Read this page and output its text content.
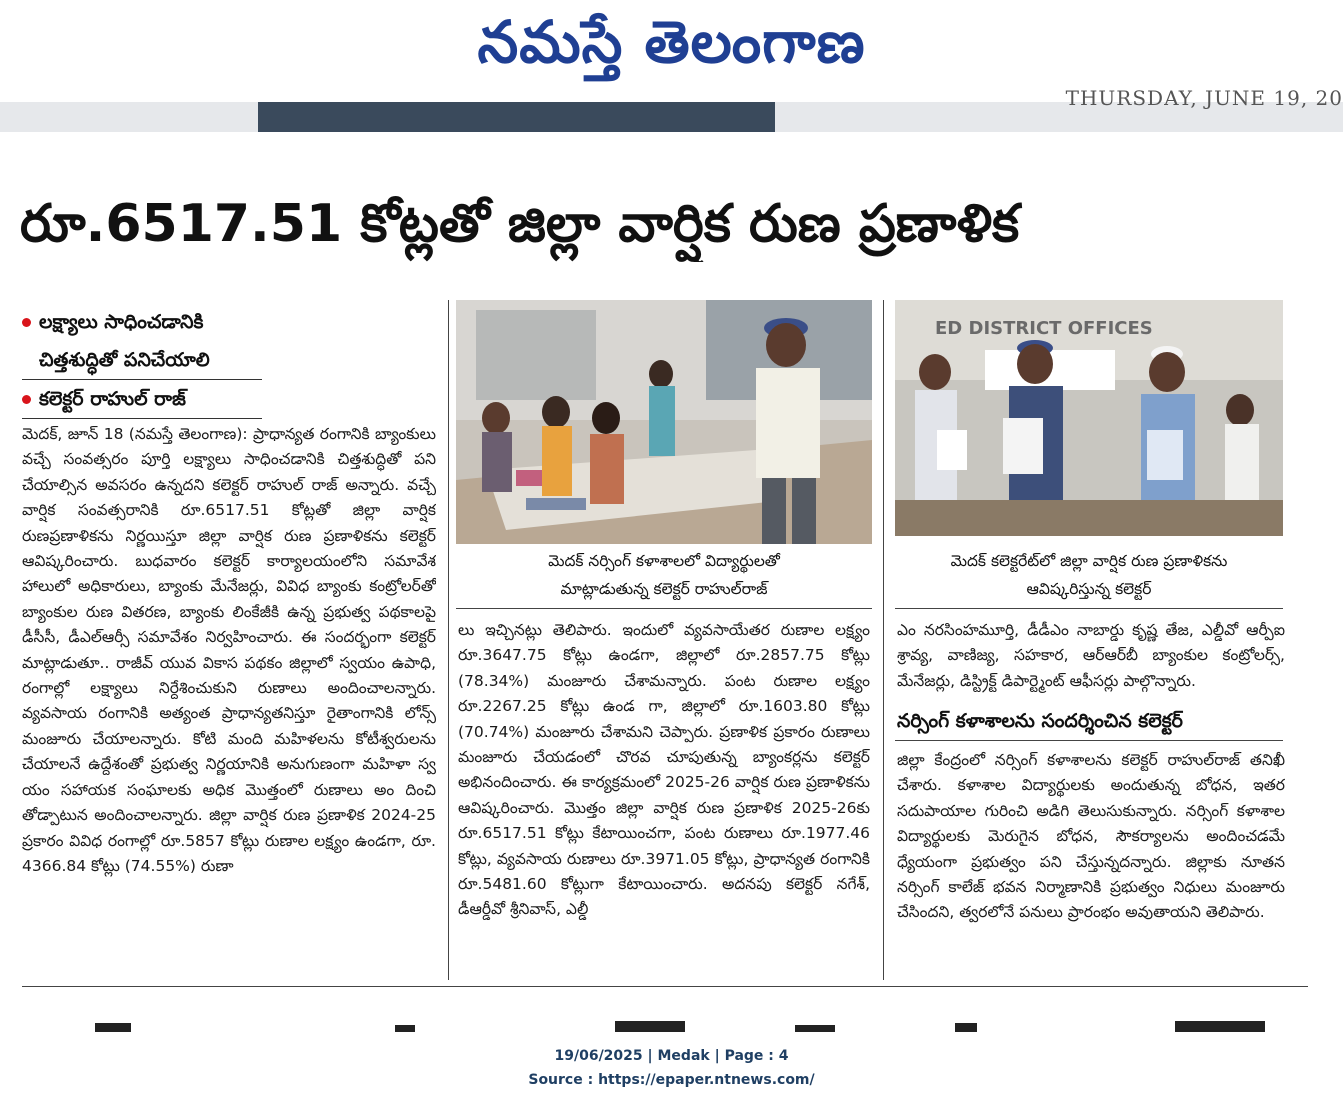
నమస్తే తెలంగాణ
THURSDAY, JUNE 19, 20
రూ.6517.51 కోట్లతో జిల్లా వార్షిక రుణ ప్రణాళిక
లక్ష్యాలు సాధించడానికి
చిత్తశుద్ధితో పనిచేయాలి
కలెక్టర్ రాహుల్ రాజ్

మెదక్, జూన్ 18 (నమస్తే తెలంగాణ): ప్రాధాన్యత రంగానికి బ్యాంకులు వచ్చే సంవత్సరం పూర్తి లక్ష్యాలు సాధించడానికి చిత్తశుద్ధితో పని చేయాల్సిన అవసరం ఉన్నదని కలెక్టర్ రాహుల్ రాజ్ అన్నారు. వచ్చే వార్షిక సంవత్సరానికి రూ.6517.51 కోట్లతో జిల్లా వార్షిక రుణప్రణాళికను నిర్ణయిస్తూ జిల్లా వార్షిక రుణ ప్రణాళికను కలెక్టర్ ఆవిష్కరించారు. బుధవారం కలెక్టర్ కార్యాలయంలోని సమావేశ హాలులో అధికారులు, బ్యాంకు మేనేజర్లు, వివిధ బ్యాంకు కంట్రోలర్‌తో బ్యాంకుల రుణ వితరణ, బ్యాంకు లింకేజీకి ఉన్న ప్రభుత్వ పథకాలపై డీసీసీ, డీఎల్ఆర్సీ సమావేశం నిర్వహించారు. ఈ సందర్భంగా కలెక్టర్ మాట్లాడుతూ.. రాజీవ్ యువ వికాస పథకం జిల్లాలో స్వయం ఉపాధి, రంగాల్లో లక్ష్యాలు నిర్దేశించుకుని రుణాలు అందించాలన్నారు. వ్యవసాయ రంగానికి అత్యంత ప్రాధాన్యతనిస్తూ రైతాంగానికి లోన్స్ మంజూరు చేయాలన్నారు. కోటి మంది మహిళలను కోటీశ్వరులను చేయాలనే ఉద్దేశంతో ప్రభుత్వ నిర్ణయానికి అనుగుణంగా మహిళా స్వ యం సహాయక సంఘాలకు అధిక మొత్తంలో రుణాలు అం దించి తోడ్పాటున అందించాలన్నారు. జిల్లా వార్షిక రుణ ప్రణాళిక 2024-25 ప్రకారం వివిధ రంగాల్లో రూ.5857 కోట్లు రుణాల లక్ష్యం ఉండగా, రూ. 4366.84 కోట్లు (74.55%) రుణా

మెదక్ నర్సింగ్ కళాశాలలో విద్యార్థులతో
మాట్లాడుతున్న కలెక్టర్ రాహుల్‌రాజ్

లు ఇచ్చినట్లు తెలిపారు. ఇందులో వ్యవసాయేతర రుణాల లక్ష్యం రూ.3647.75 కోట్లు ఉండగా, జిల్లాలో రూ.2857.75 కోట్లు (78.34%) మంజూరు చేశామన్నారు. పంట రుణాల లక్ష్యం రూ.2267.25 కోట్లు ఉండ గా, జిల్లాలో రూ.1603.80 కోట్లు (70.74%) మంజూరు చేశామని చెప్పారు. ప్రణాళిక ప్రకారం రుణాలు మంజూరు చేయడంలో చొరవ చూపుతున్న బ్యాంకర్లను కలెక్టర్ అభినందించారు. ఈ కార్యక్రమంలో 2025-26 వార్షిక రుణ ప్రణాళికను ఆవిష్కరించారు. మొత్తం జిల్లా వార్షిక రుణ ప్రణాళిక 2025-26కు రూ.6517.51 కోట్లు కేటాయించగా, పంట రుణాలు రూ.1977.46 కోట్లు, వ్యవసాయ రుణాలు రూ.3971.05 కోట్లు, ప్రాధాన్యత రంగానికి రూ.5481.60 కోట్లుగా కేటాయించారు. అదనపు కలెక్టర్ నగేశ్, డీఆర్డీవో శ్రీనివాస్, ఎల్డీ

ED DISTRICT OFFICES
మెదక్ కలెక్టరేట్‌లో జిల్లా వార్షిక రుణ ప్రణాళికను
ఆవిష్కరిస్తున్న కలెక్టర్

ఎం నరసింహమూర్తి, డీడీఎం నాబార్డు కృష్ణ తేజ, ఎల్డీవో ఆర్పీఐ శ్రావ్య, వాణిజ్య, సహకార, ఆర్ఆర్‌బీ బ్యాంకుల కంట్రోలర్స్, మేనేజర్లు, డిస్ట్రిక్ట్ డిపార్ట్మెంట్ ఆఫీసర్లు పాల్గొన్నారు.

నర్సింగ్ కళాశాలను సందర్శించిన కలెక్టర్

జిల్లా కేంద్రంలో నర్సింగ్ కళాశాలను కలెక్టర్ రాహుల్‌రాజ్ తనిఖీ చేశారు. కళాశాల విద్యార్థులకు అందుతున్న బోధన, ఇతర సదుపాయాల గురించి అడిగి తెలుసుకున్నారు. నర్సింగ్ కళాశాల విద్యార్థులకు మెరుగైన బోధన, సౌకర్యాలను అందించడమే ధ్యేయంగా ప్రభుత్వం పని చేస్తున్నదన్నారు. జిల్లాకు నూతన నర్సింగ్ కాలేజ్ భవన నిర్మాణానికి ప్రభుత్వం నిధులు మంజూరు చేసిందని, త్వరలోనే పనులు ప్రారంభం అవుతాయని తెలిపారు.

19/06/2025 | Medak | Page : 4
Source : https://epaper.ntnews.com/
